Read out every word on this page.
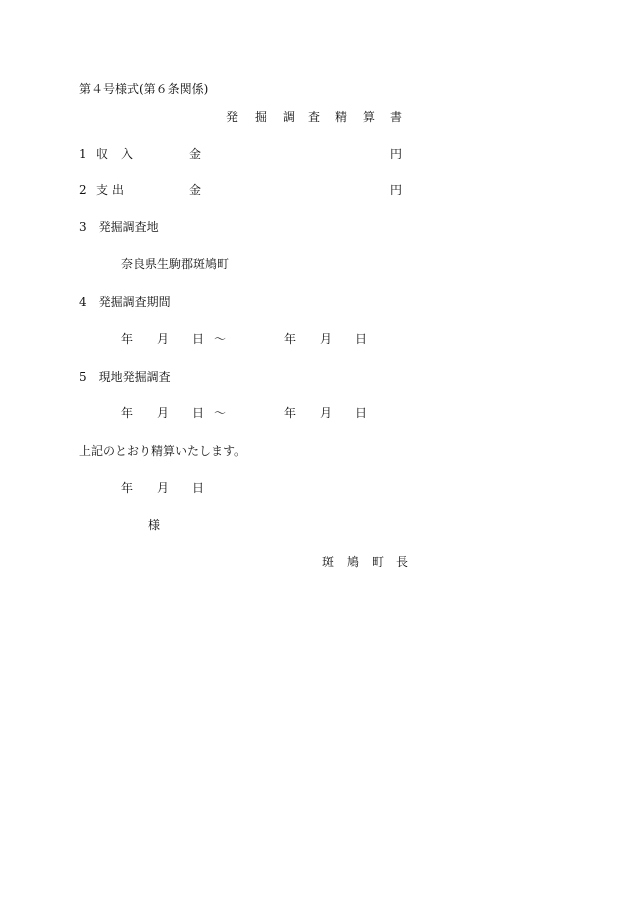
第４号様式(第６条関係)
発 掘 調 査 精 算 書
1 収 入	金	円
2 支 出	金	円
3　発掘調査地
奈良県生駒郡斑鳩町
4　発掘調査期間
年 月 日 ～	年 月 日
5　現地発掘調査
年 月 日 ～	年 月 日
上記のとおり精算いたします。
年 月 日
様
斑 鳩 町 長
